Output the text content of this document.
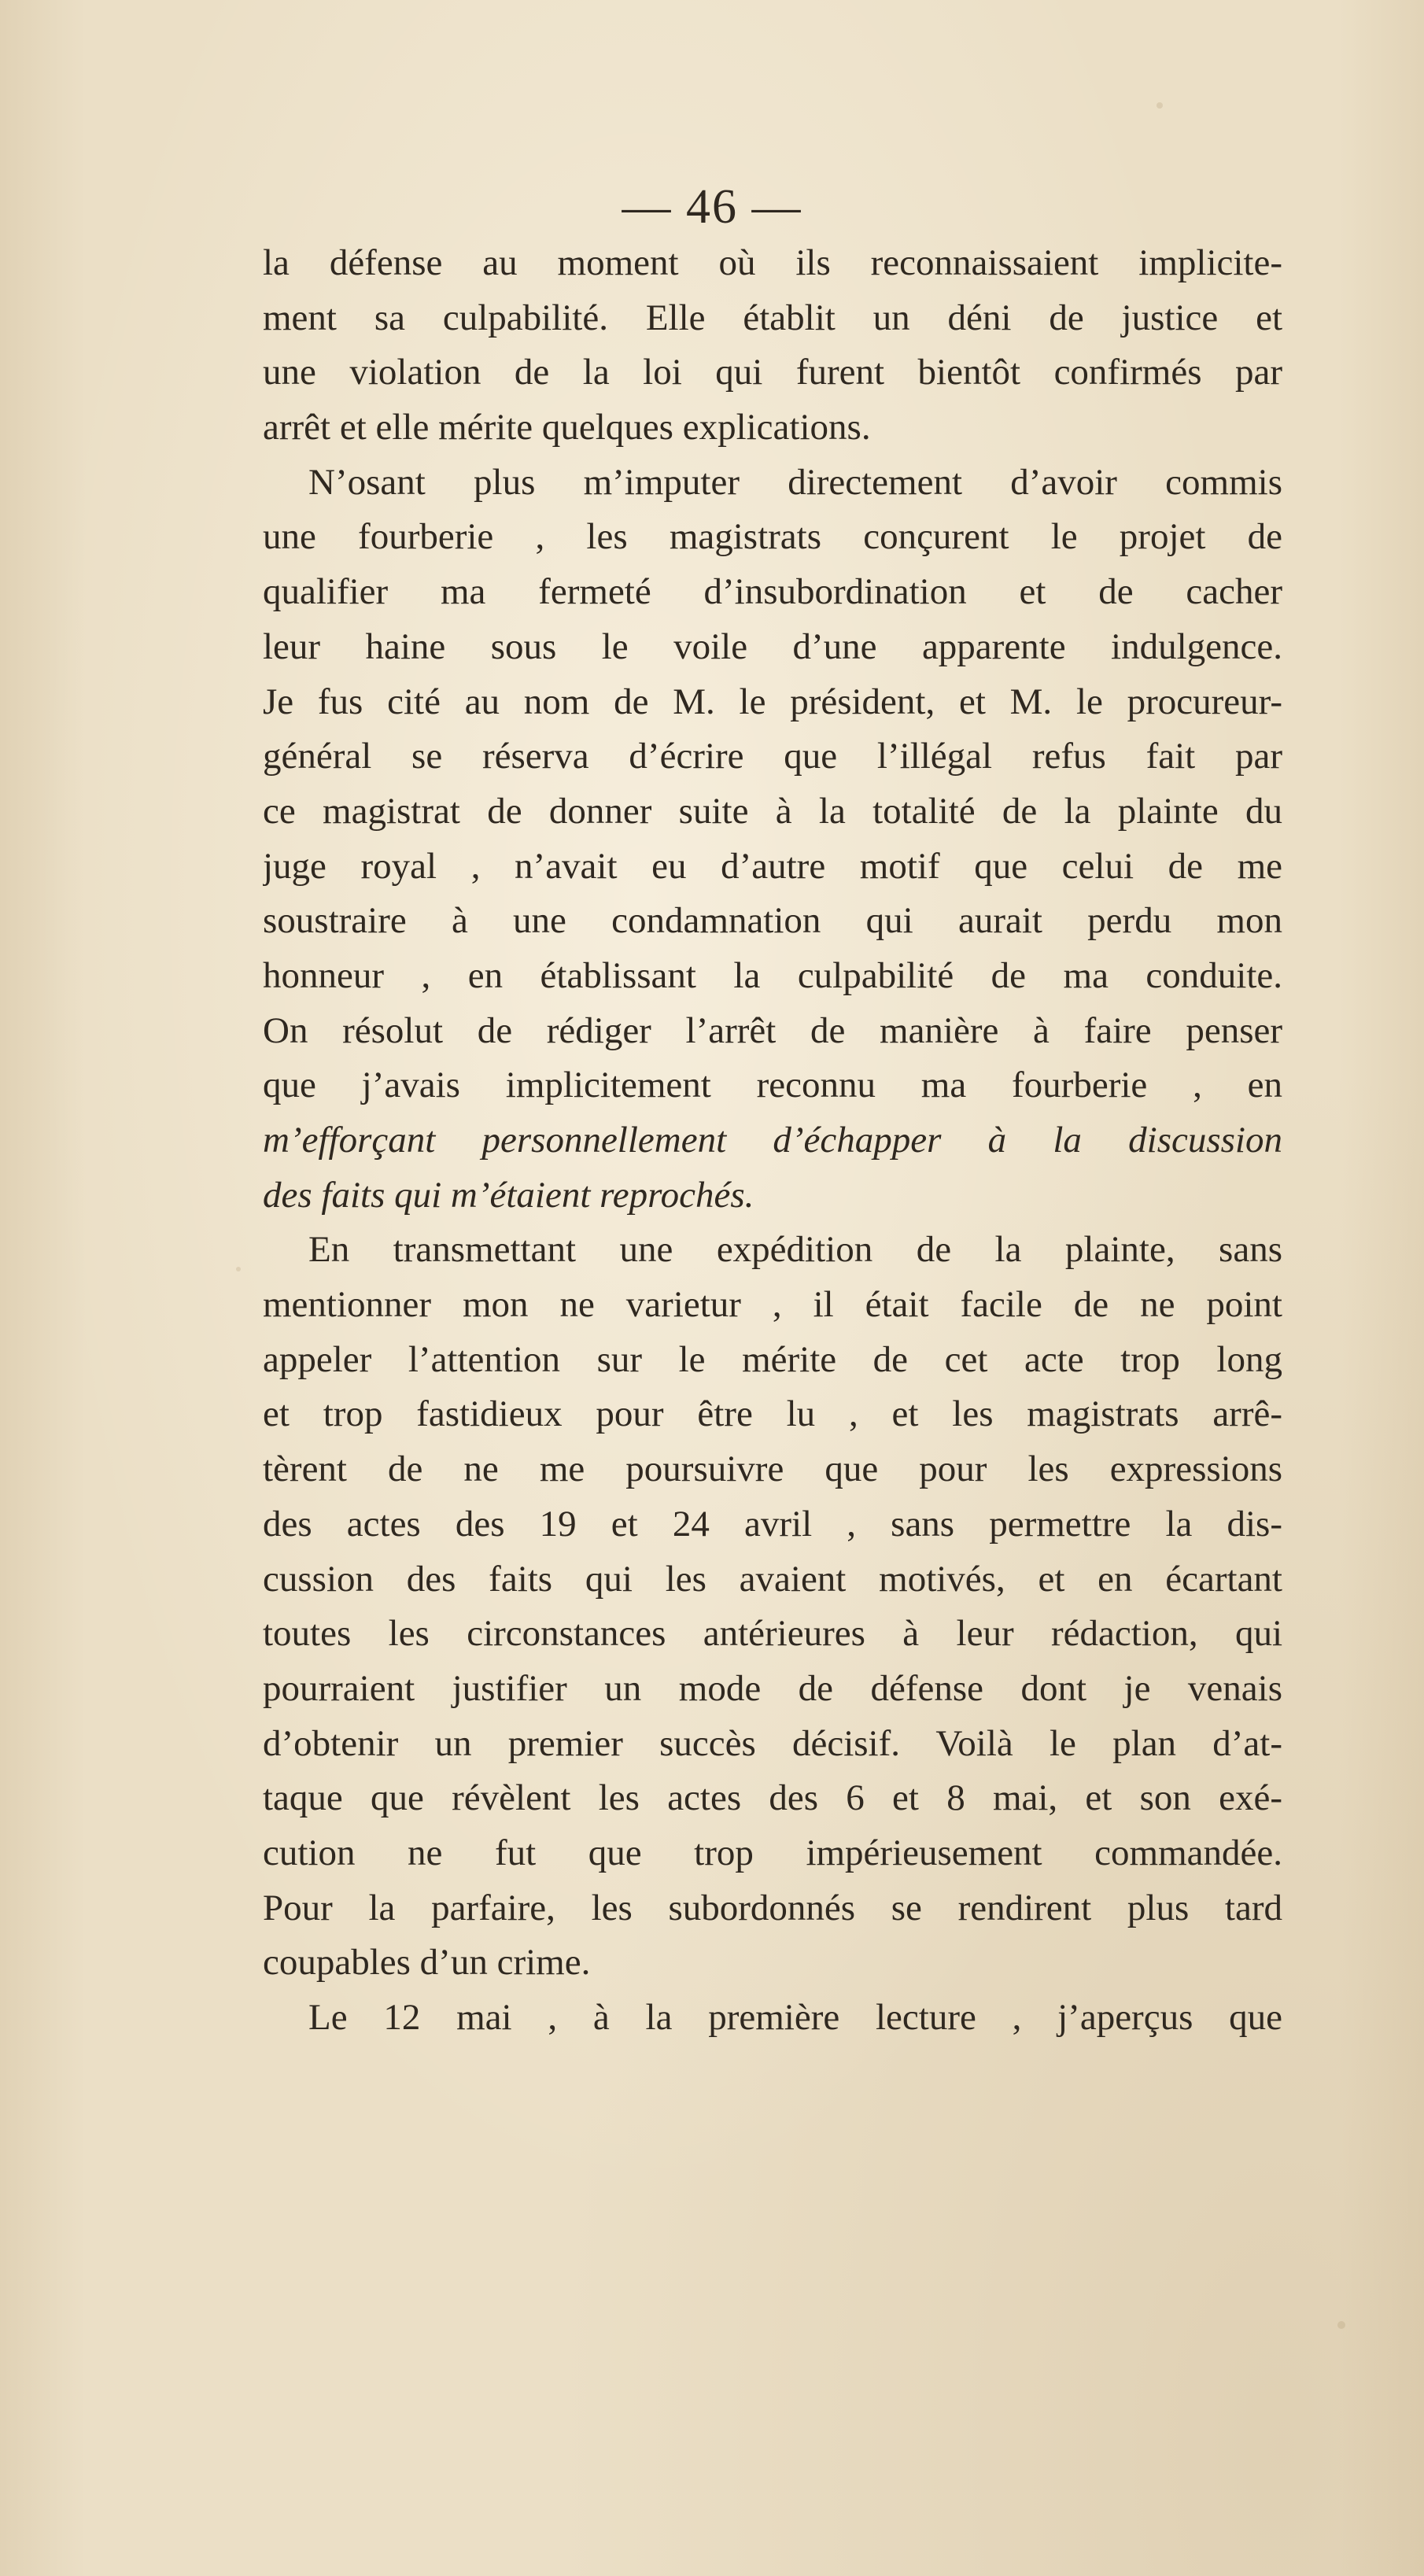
— 46 —
la défense au moment où ils reconnaissaient implicite-
ment sa culpabilité. Elle établit un déni de justice et
une violation de la loi qui furent bientôt confirmés par
arrêt et elle mérite quelques explications.
N’osant plus m’imputer directement d’avoir commis
une fourberie , les magistrats conçurent le projet de
qualifier ma fermeté d’insubordination et de cacher
leur haine sous le voile d’une apparente indulgence.
Je fus cité au nom de M. le président, et M. le procureur-
général se réserva d’écrire que l’illégal refus fait par
ce magistrat de donner suite à la totalité de la plainte du
juge royal , n’avait eu d’autre motif que celui de me
soustraire à une condamnation qui aurait perdu mon
honneur , en établissant la culpabilité de ma conduite.
On résolut de rédiger l’arrêt de manière à faire penser
que j’avais implicitement reconnu ma fourberie , en
m’efforçant personnellement d’échapper à la discussion
des faits qui m’étaient reprochés.
En transmettant une expédition de la plainte, sans
mentionner mon ne varietur , il était facile de ne point
appeler l’attention sur le mérite de cet acte trop long
et trop fastidieux pour être lu , et les magistrats arrê-
tèrent de ne me poursuivre que pour les expressions
des actes des 19 et 24 avril , sans permettre la dis-
cussion des faits qui les avaient motivés, et en écartant
toutes les circonstances antérieures à leur rédaction, qui
pourraient justifier un mode de défense dont je venais
d’obtenir un premier succès décisif. Voilà le plan d’at-
taque que révèlent les actes des 6 et 8 mai, et son exé-
cution ne fut que trop impérieusement commandée.
Pour la parfaire, les subordonnés se rendirent plus tard
coupables d’un crime.
Le 12 mai , à la première lecture , j’aperçus que
